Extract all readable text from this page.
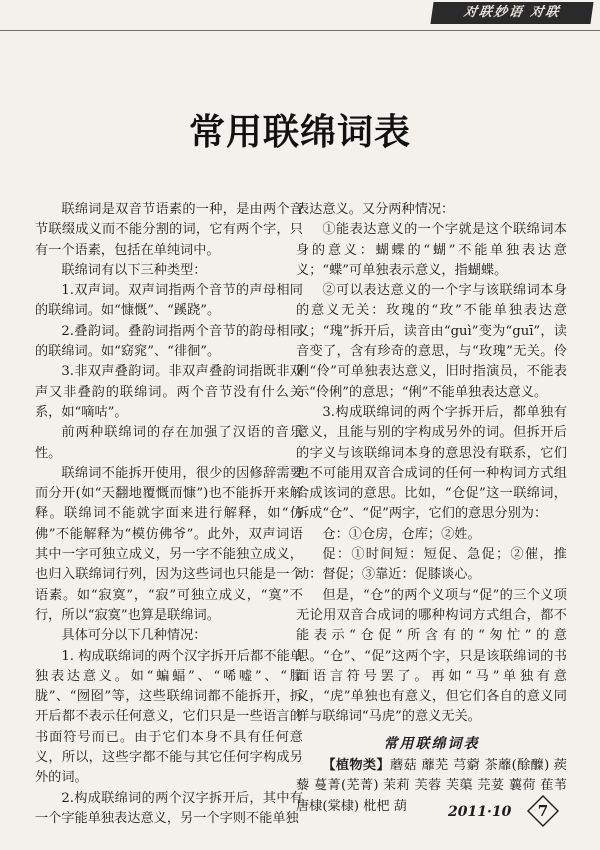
对联妙语 对联
常用联绵词表

联绵词是双音节语素的一种，是由两个音节联缀成义而不能分割的词，它有两个字，只有一个语素，包括在单纯词中。

联绵词有以下三种类型：

1.双声词。双声词指两个音节的声母相同的联绵词。如“慷慨”、“蹊跷”。

2.叠韵词。叠韵词指两个音节的韵母相同的联绵词。如“窈窕”、“徘徊”。

3.非双声叠韵词。非双声叠韵词指既非双声又非叠韵的联绵词。两个音节没有什么关系，如“嘀咕”。

前两种联绵词的存在加强了汉语的音乐性。

联绵词不能拆开使用，很少的因修辞需要而分开(如“天翻地覆慨而慷”)也不能拆开来解释。联绵词不能就字面来进行解释，如“仿佛”不能解释为“模仿佛爷”。此外，双声词语其中一字可独立成义，另一字不能独立成义，也归入联绵词行列，因为这些词也只能是一个语素。如“寂寞”，“寂”可独立成义，“寞”不行，所以“寂寞”也算是联绵词。

具体可分以下几种情况：

1. 构成联绵词的两个汉字拆开后都不能单独表达意义。如“蝙蝠”、“唏嘘”、“朦胧”、“囫囵”等，这些联绵词都不能拆开，拆开后都不表示任何意义，它们只是一些语言的书面符号而已。由于它们本身不具有任何意义，所以，这些字都不能与其它任何字构成另外的词。

2.构成联绵词的两个汉字拆开后，其中有一个字能单独表达意义，另一个字则不能单独

表达意义。又分两种情况：

①能表达意义的一个字就是这个联绵词本身的意义：蝴蝶的“蝴”不能单独表达意义；“蝶”可单独表示意义，指蝴蝶。

②可以表达意义的一个字与该联绵词本身的意义无关：玫瑰的“玫”不能单独表达意义；“瑰”拆开后，读音由“guì”变为“guī”，读音变了，含有珍奇的意思，与“玫瑰”无关。伶俐“伶”可单独表达意义，旧时指演员，不能表示“伶俐”的意思；“俐”不能单独表达意义。

3.构成联绵词的两个字拆开后，都单独有意义，且能与别的字构成另外的词。但拆开后的字义与该联绵词本身的意思没有联系，它们也不可能用双音合成词的任何一种构词方式组合成该词的意思。比如，“仓促”这一联绵词，拆成“仓”、“促”两字，它们的意思分别为：

仓：①仓房，仓库；②姓。

促：①时间短：短促、急促；②催，推动：督促；③靠近：促膝谈心。

但是，“仓”的两个义项与“促”的三个义项无论用双音合成词的哪种构词方式组合，都不能表示“仓促”所含有的“匆忙”的意思。“仓”、“促”这两个字，只是该联绵词的书面语言符号罢了。再如“马”单独有意义，“虎”单独也有意义，但它们各自的意义同样与联绵词“马虎”的意义无关。

常用联绵词表

【植物类】蘑菇 蘼芜 芎藭 茶蘼(酴醾) 蒺藜 蔓菁(芜菁) 茉莉 芙蓉 芙蕖 芫荽 蘘荷 萑苇 唐棣(棠棣) 枇杷 葫	2011·10	7
